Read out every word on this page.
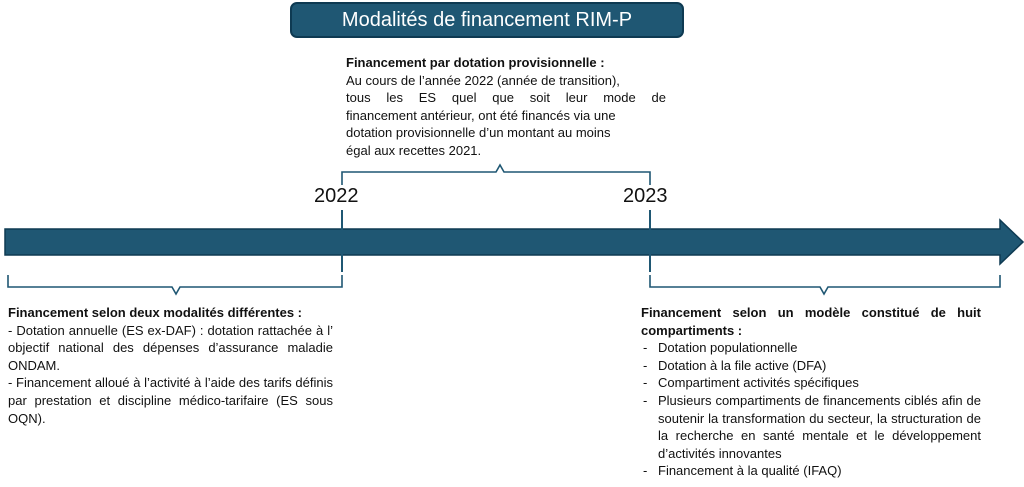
Modalités de financement RIM-P
2022	2023
Financement par dotation provisionnelle :
Au cours de l’année 2022 (année de transition),
tous les ES quel que soit leur mode de
financement antérieur, ont été financés via une
dotation provisionnelle d’un montant au moins
égal aux recettes 2021.
Financement selon deux modalités différentes :
- Dotation annuelle (ES ex-DAF) : dotation rattachée à l’ objectif national des dépenses d’assurance maladie ONDAM.
- Financement alloué à l’activité à l’aide des tarifs définis par prestation et discipline médico-tarifaire (ES sous OQN).
Financement selon un modèle constitué de huit compartiments :
- Dotation populationnelle
- Dotation à la file active (DFA)
- Compartiment activités spécifiques
- Plusieurs compartiments de financements ciblés afin de soutenir la transformation du secteur, la structuration de la recherche en santé mentale et le développement d’activités innovantes
- Financement à la qualité (IFAQ)
